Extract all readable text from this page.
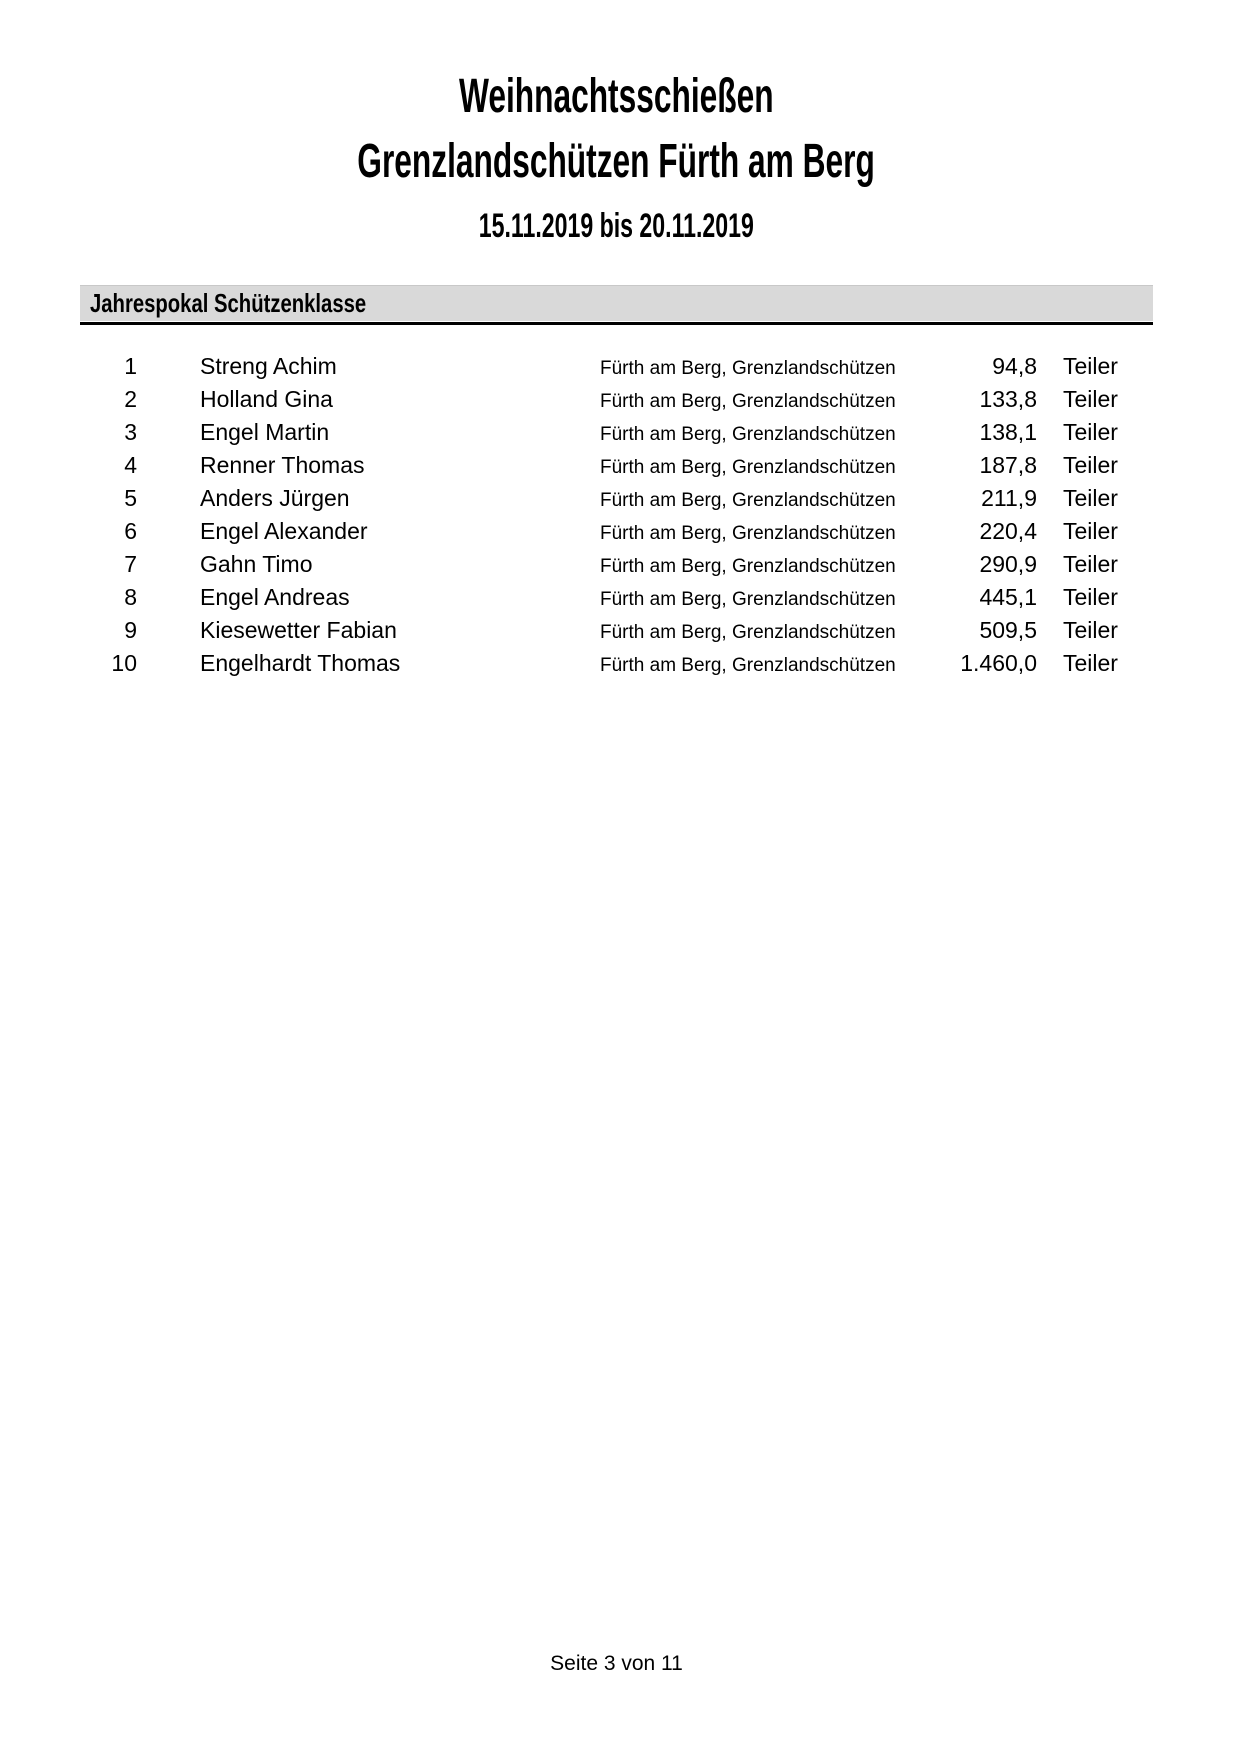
Weihnachtsschießen
Grenzlandschützen Fürth am Berg
15.11.2019 bis 20.11.2019
Jahrespokal Schützenklasse
1	Streng Achim	Fürth am Berg, Grenzlandschützen	94,8	Teiler
2	Holland Gina	Fürth am Berg, Grenzlandschützen	133,8	Teiler
3	Engel Martin	Fürth am Berg, Grenzlandschützen	138,1	Teiler
4	Renner Thomas	Fürth am Berg, Grenzlandschützen	187,8	Teiler
5	Anders Jürgen	Fürth am Berg, Grenzlandschützen	211,9	Teiler
6	Engel Alexander	Fürth am Berg, Grenzlandschützen	220,4	Teiler
7	Gahn Timo	Fürth am Berg, Grenzlandschützen	290,9	Teiler
8	Engel Andreas	Fürth am Berg, Grenzlandschützen	445,1	Teiler
9	Kiesewetter Fabian	Fürth am Berg, Grenzlandschützen	509,5	Teiler
10	Engelhardt Thomas	Fürth am Berg, Grenzlandschützen	1.460,0	Teiler
Seite 3 von 11
